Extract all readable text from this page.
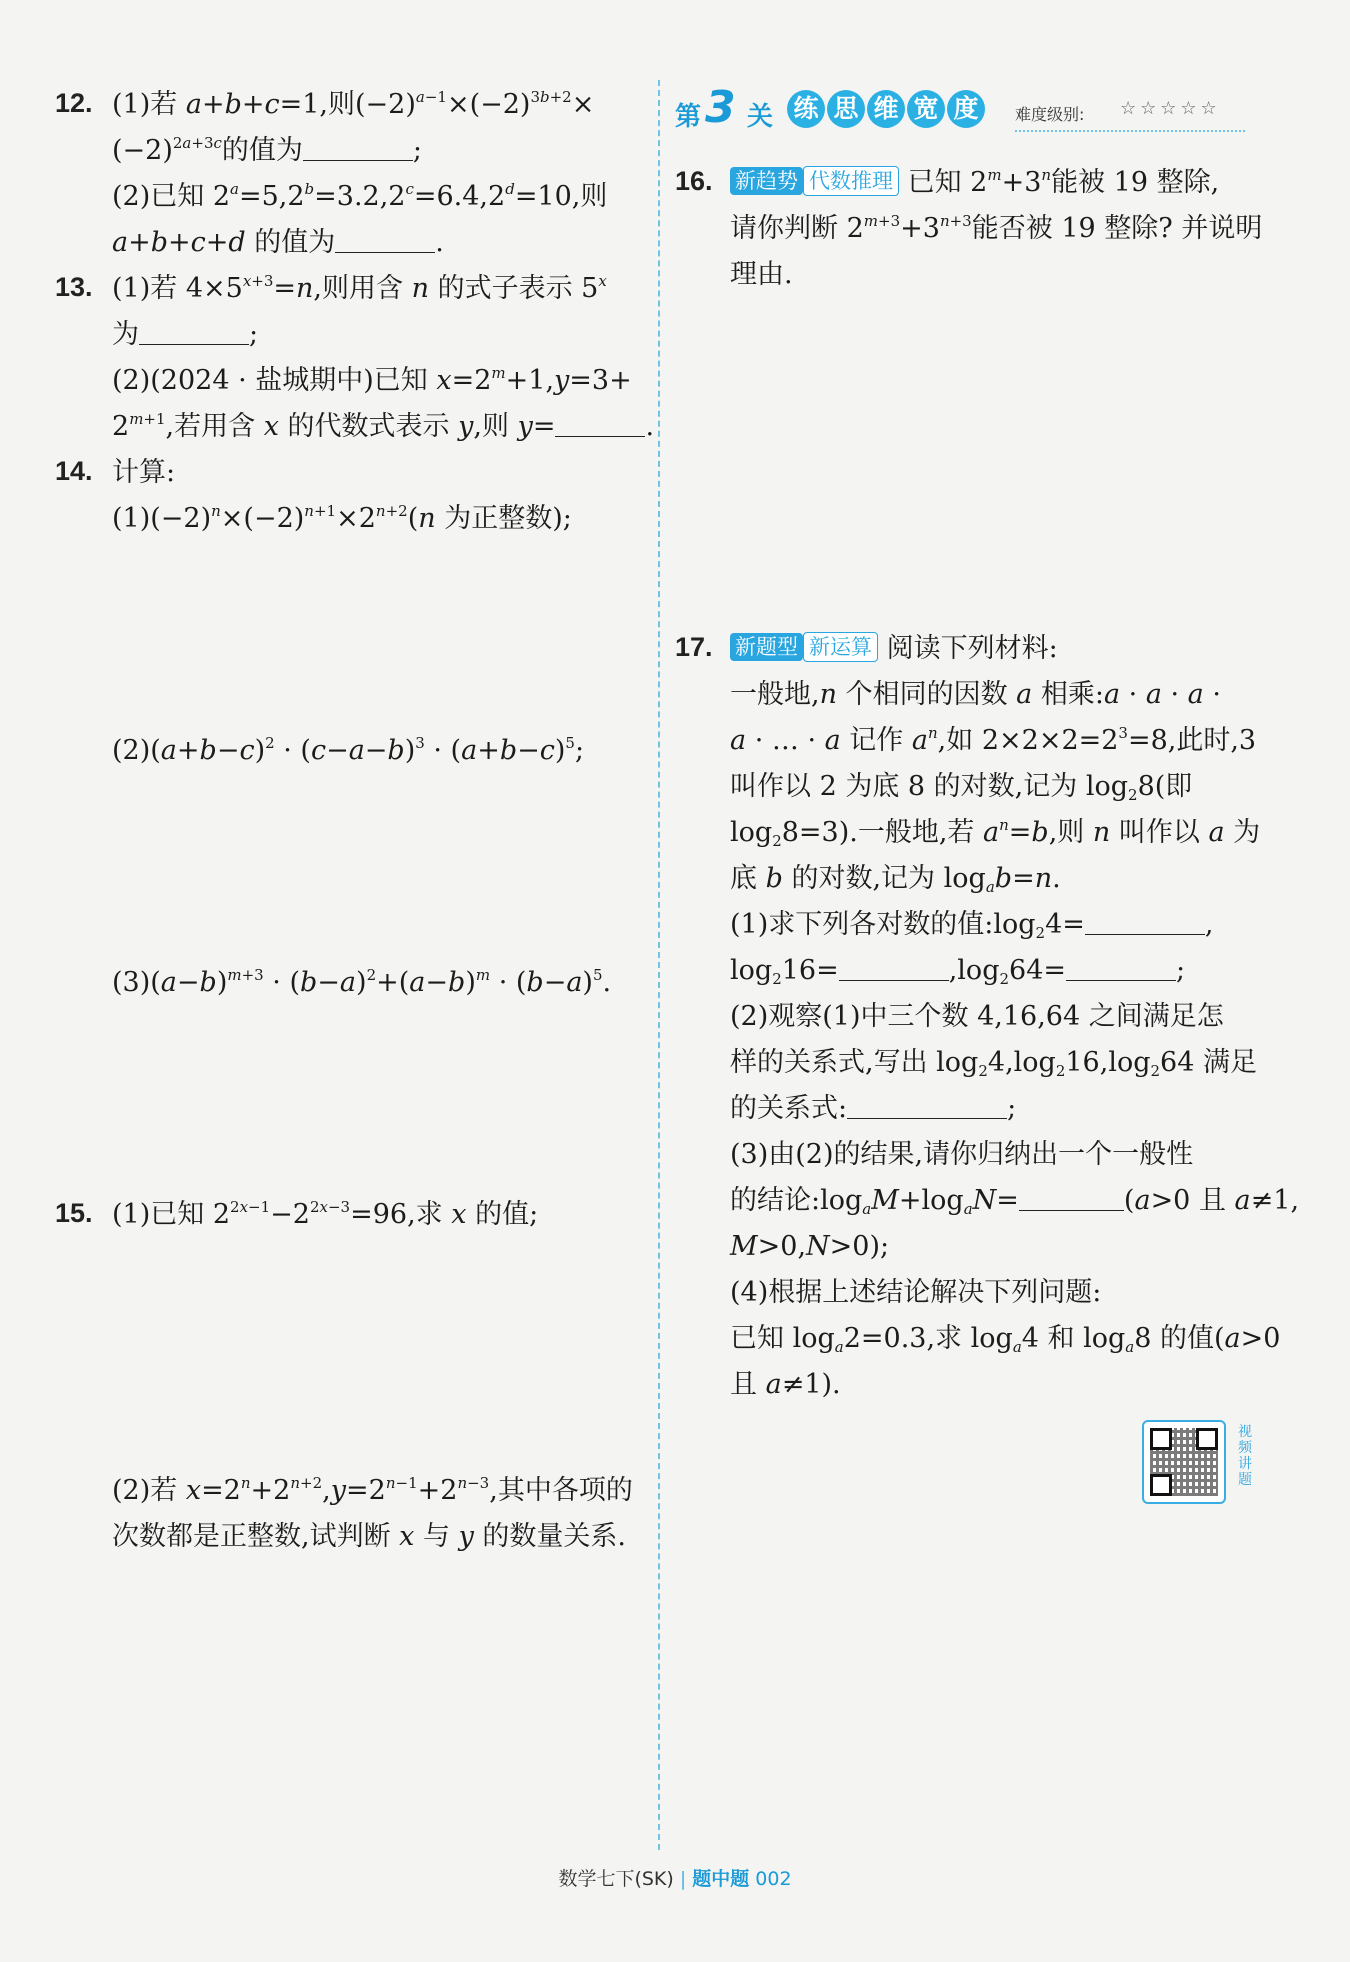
12. (1)若 a+b+c=1,则$(-2)^{a-1}\times(-2)^{3b+2}\times$
$(-2)^{2a+3c}$的值为	;
(2)已知 $2^a=5,2^b=3.2,2^c=6.4,2^d=10$,则
a+b+c+d 的值为	.
13. (1)若 $4\times 5^{x+3}=n$,则用含 n 的式子表示 5$^x$
为	;
(2)(2024 · 盐城期中)已知 $x=2^m+1,y=3+$
$2^{m+1}$,若用含 x 的代数式表示 y,则 y=	.
14. 计算:
$(1)(-2)^n\times(-2)^{n+1}\times 2^{n+2}(n$ 为正整数);
$(2)(a+b-c)^2 \cdot (c-a-b)^3 \cdot (a+b-c)^5$;
$(3)(a-b)^{m+3} \cdot (b-a)^2+(a-b)^m \cdot (b-a)^5$.
15. (1)已知 $2^{2x-1}-2^{2x-3}=96$,求 x 的值;
(2)若 $x=2^n+2^{n+2},y=2^{n-1}+2^{n-3}$,其中各项的
次数都是正整数,试判断 x 与 y 的数量关系.
第 3 关 练 思 维 宽 度	难度级别: ☆☆☆☆☆
16. 新趋势 代数推理 已知 $2^m+3^n$能被 19 整除,
请你判断 $2^{m+3}+3^{n+3}$能否被 19 整除? 并说明
理由.
17. 新题型 新运算 阅读下列材料:
一般地,n 个相同的因数 a 相乘:a · a · a ·
a · … · a 记作 $a^n$,如 $2\times 2\times 2=2^3=8$,此时,3
叫作以 2 为底 8 的对数,记为 $\log_28$(即
$\log_28=3$).一般地,若 $a^n=b$,则 n 叫作以 a 为
底 b 的对数,记为 $\log_ab=n$.
(1)求下列各对数的值$:\log_24=$	,
$\log_216=$	$,\log_264=$	;
(2)观察(1)中三个数 4,16,64 之间满足怎
样的关系式,写出 $\log_24,\log_216,\log_264$ 满足
的关系式:	;
(3)由(2)的结果,请你归纳出一个一般性
的结论$:\log_aM+\log_aN=$	(a>0 且 a≠1,
M>0,N>0);
(4)根据上述结论解决下列问题:
已知 $\log_a2=0.3$,求 $\log_a4$ 和 $\log_a8$ 的值(a>0
且 a≠1).
视频讲题
数学七下(SK) | 题中题 002
